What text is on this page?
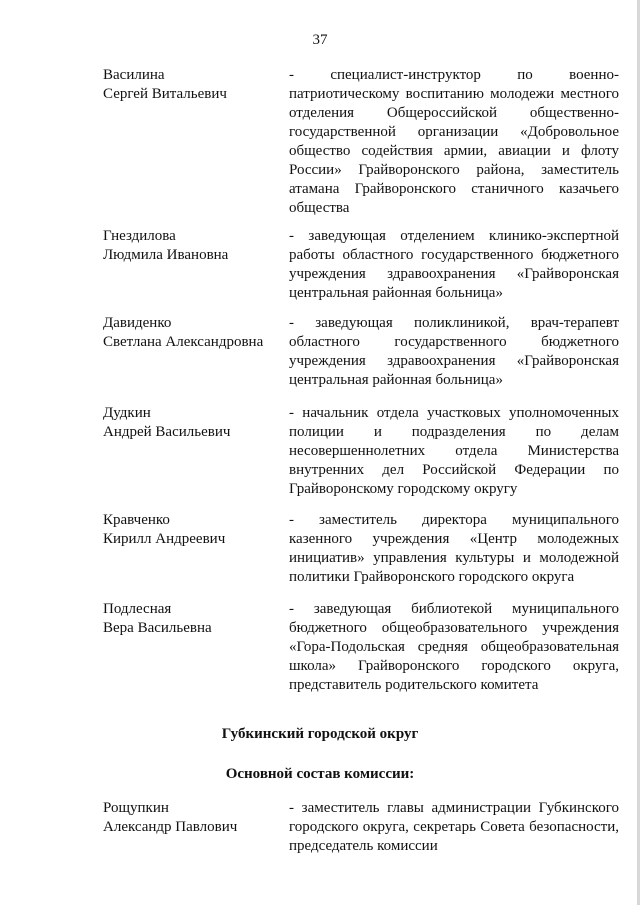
37
Василина
Сергей Витальевич
- специалист-инструктор по военно-патриотическому воспитанию молодежи местного отделения Общероссийской общественно-государственной организации «Добровольное общество содействия армии, авиации и флоту России» Грайворонского района, заместитель атамана Грайворонского станичного казачьего общества
Гнездилова
Людмила Ивановна
- заведующая отделением клинико-экспертной работы областного государственного бюджетного учреждения здравоохранения «Грайворонская центральная районная больница»
Давиденко
Светлана Александровна
- заведующая поликлиникой, врач-терапевт областного государственного бюджетного учреждения здравоохранения «Грайворонская центральная районная больница»
Дудкин
Андрей Васильевич
- начальник отдела участковых уполномоченных полиции и подразделения по делам несовершеннолетних отдела Министерства внутренних дел Российской Федерации по Грайворонскому городскому округу
Кравченко
Кирилл Андреевич
- заместитель директора муниципального казенного учреждения «Центр молодежных инициатив» управления культуры и молодежной политики Грайворонского городского округа
Подлесная
Вера Васильевна
- заведующая библиотекой муниципального бюджетного общеобразовательного учреждения «Гора-Подольская средняя общеобразовательная школа» Грайворонского городского округа, представитель родительского комитета
Губкинский городской округ
Основной состав комиссии:
Рощупкин
Александр Павлович
- заместитель главы администрации Губкинского городского округа, секретарь Совета безопасности, председатель комиссии
